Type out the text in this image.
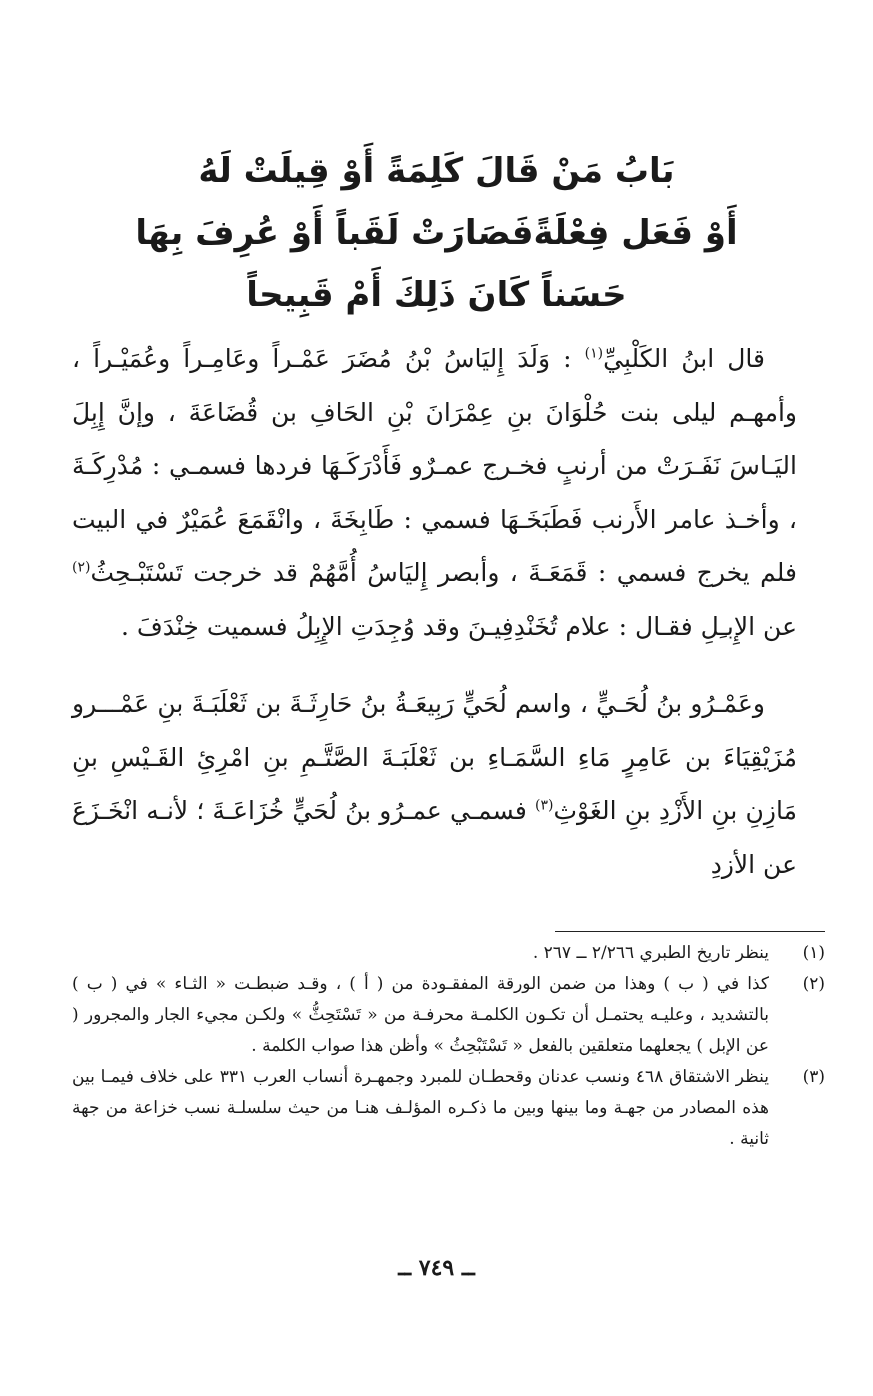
بَابُ مَنْ قَالَ كَلِمَةً أَوْ قِيلَتْ لَهُ
أَوْ فَعَل فِعْلَةًفَصَارَتْ لَقَباً أَوْ عُرِفَ بِهَا
حَسَناً كَانَ ذَلِكَ أَمْ قَبِيحاً

قال ابنُ الكَلْبِيِّ$^{(١)}$ : وَلَدَ إِليَاسُ بْنُ مُضَرَ عَمْـراً وعَامِـراً وعُمَيْـراً ، وأمهـم ليلى بنت حُلْوَانَ بنِ عِمْرَانَ بْنِ الحَافِ بن قُضَاعَةَ ، وإنَّ إِبِلَ اليَـاسَ نَفَـرَتْ من أرنبٍ فخـرج عمـرٌو فَأَدْرَكَـهَا فردها فسمـي : مُدْرِكَـةَ ، وأخـذ عامر الأَرنب فَطَبَخَـهَا فسمي : طَابِخَةَ ، وانْقَمَعَ عُمَيْرٌ في البيت فلم يخرج فسمي : قَمَعَـةَ ، وأبصر إِليَاسُ أُمَّهُمْ قد خرجت تَسْتَبْـحِثُ$^{(٢)}$ عن الإِبـِلِ فقـال : علام تُخَنْدِفِيـنَ وقد وُجِدَتِ الإِبِلُ فسميت خِنْدَفَ .

وعَمْـرُو بنُ لُحَـيٍّ ، واسم لُحَيٍّ رَبِيعَـةُ بنُ حَارِثَـةَ بن ثَعْلَبَـةَ بنِ عَمْـــرو مُزَيْقِيَاءَ بن عَامِرٍ مَاءِ السَّمَـاءِ بن ثَعْلَبَـةَ الصَّتَّـمِ بنِ امْرِئِ القَـيْسِ بنِ مَازِنِ بنِ الأَزْدِ بنِ الغَوْثِ$^{(٣)}$ فسمـي عمـرُو بنُ لُحَيٍّ خُزَاعَـةَ ؛ لأنـه انْخَـزَعَ عن الأزدِ

(١)
ينظر تاريخ الطبري ٢/٢٦٦ ــ ٢٦٧ .
(٢)
كذا في ( ب ) وهذا من ضمن الورقة المفقـودة من ( أ ) ، وقـد ضبطـت « الثـاء » في ( ب ) بالتشديد ، وعليـه يحتمـل أن تكـون الكلمـة محرفـة من « تَسْتَحِثُّ » ولكـن مجيء الجار والمجرور ( عن الإبل ) يجعلهما متعلقين بالفعل « تَسْتَبْحِثُ » وأظن هذا صواب الكلمة .
(٣)
ينظر الاشتقاق ٤٦٨ ونسب عدنان وقحطـان للمبرد وجمهـرة أنساب العرب ٣٣١ على خلاف فيمـا بين هذه المصادر من جهـة وما بينها وبين ما ذكـره المؤلـف هنـا من حيث سلسلـة نسب خزاعة من جهة ثانية .
ــ ٧٤٩ ــ
